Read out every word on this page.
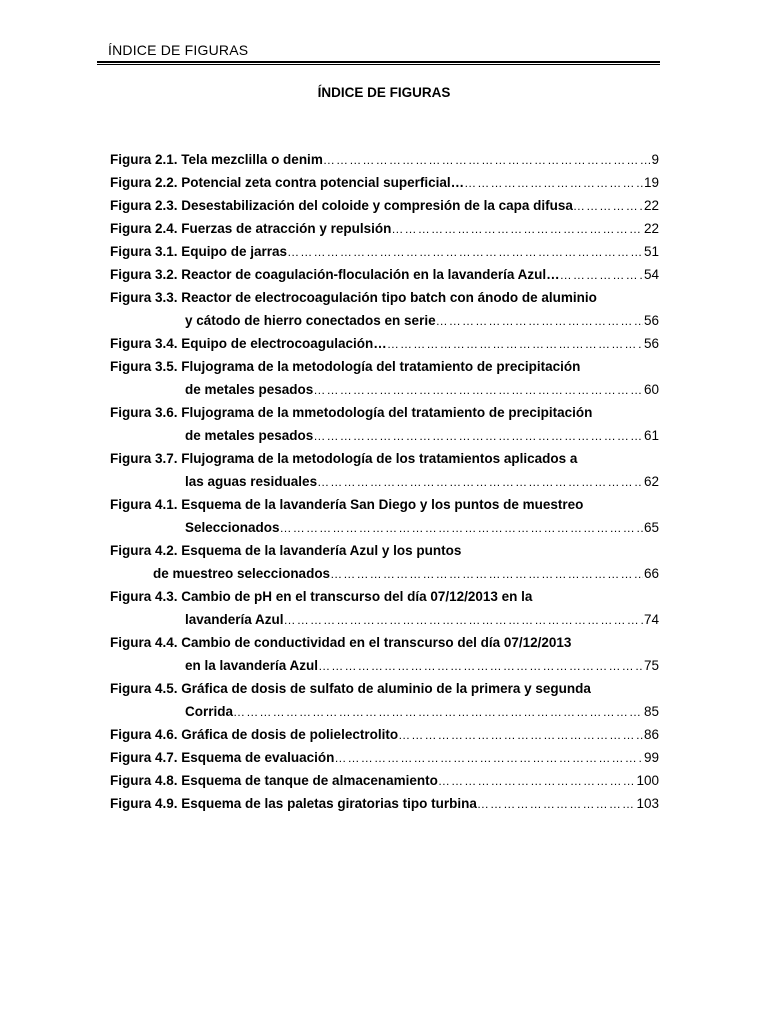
ÍNDICE DE FIGURAS
ÍNDICE DE FIGURAS
Figura 2.1. Tela mezclilla o denim …………………………………………………………………………………………………………………………………………………………………………	9
Figura 2.2. Potencial zeta contra potencial superficial… …………………………………………………………………………………………………………………………………………………………………………	19
Figura 2.3. Desestabilización del coloide y compresión de la capa difusa …………………………………………………………………………………………………………………………………………………………………………	22
Figura 2.4. Fuerzas de atracción y repulsión …………………………………………………………………………………………………………………………………………………………………………	22
Figura 3.1. Equipo de jarras …………………………………………………………………………………………………………………………………………………………………………	51
Figura 3.2. Reactor de coagulación-floculación en la lavandería Azul… …………………………………………………………………………………………………………………………………………………………………………	54
Figura 3.3. Reactor de electrocoagulación tipo batch con ánodo de aluminio
y cátodo de hierro conectados en serie …………………………………………………………………………………………………………………………………………………………………………	56
Figura 3.4. Equipo de electrocoagulación… …………………………………………………………………………………………………………………………………………………………………………	56
Figura 3.5. Flujograma de la metodología del tratamiento de precipitación
de metales pesados …………………………………………………………………………………………………………………………………………………………………………	60
Figura 3.6. Flujograma de la mmetodología del tratamiento de precipitación
de metales pesados …………………………………………………………………………………………………………………………………………………………………………	61
Figura 3.7. Flujograma de la metodología de los tratamientos aplicados a
las aguas residuales …………………………………………………………………………………………………………………………………………………………………………	62
Figura 4.1. Esquema de la lavandería San Diego y los puntos de muestreo
Seleccionados …………………………………………………………………………………………………………………………………………………………………………	65
Figura 4.2. Esquema de la lavandería Azul y los puntos
de muestreo seleccionados …………………………………………………………………………………………………………………………………………………………………………	66
Figura 4.3. Cambio de pH en el transcurso del día 07/12/2013 en la
lavandería Azul …………………………………………………………………………………………………………………………………………………………………………	74
Figura 4.4. Cambio de conductividad en el transcurso del día 07/12/2013
en la lavandería Azul …………………………………………………………………………………………………………………………………………………………………………	75
Figura 4.5. Gráfica de dosis de sulfato de aluminio de la primera y segunda
Corrida …………………………………………………………………………………………………………………………………………………………………………	85
Figura 4.6. Gráfica de dosis de polielectrolito …………………………………………………………………………………………………………………………………………………………………………	86
Figura 4.7. Esquema de evaluación …………………………………………………………………………………………………………………………………………………………………………	99
Figura 4.8. Esquema de tanque de almacenamiento …………………………………………………………………………………………………………………………………………………………………………	100
Figura 4.9. Esquema de las paletas giratorias tipo turbina …………………………………………………………………………………………………………………………………………………………………………	103
